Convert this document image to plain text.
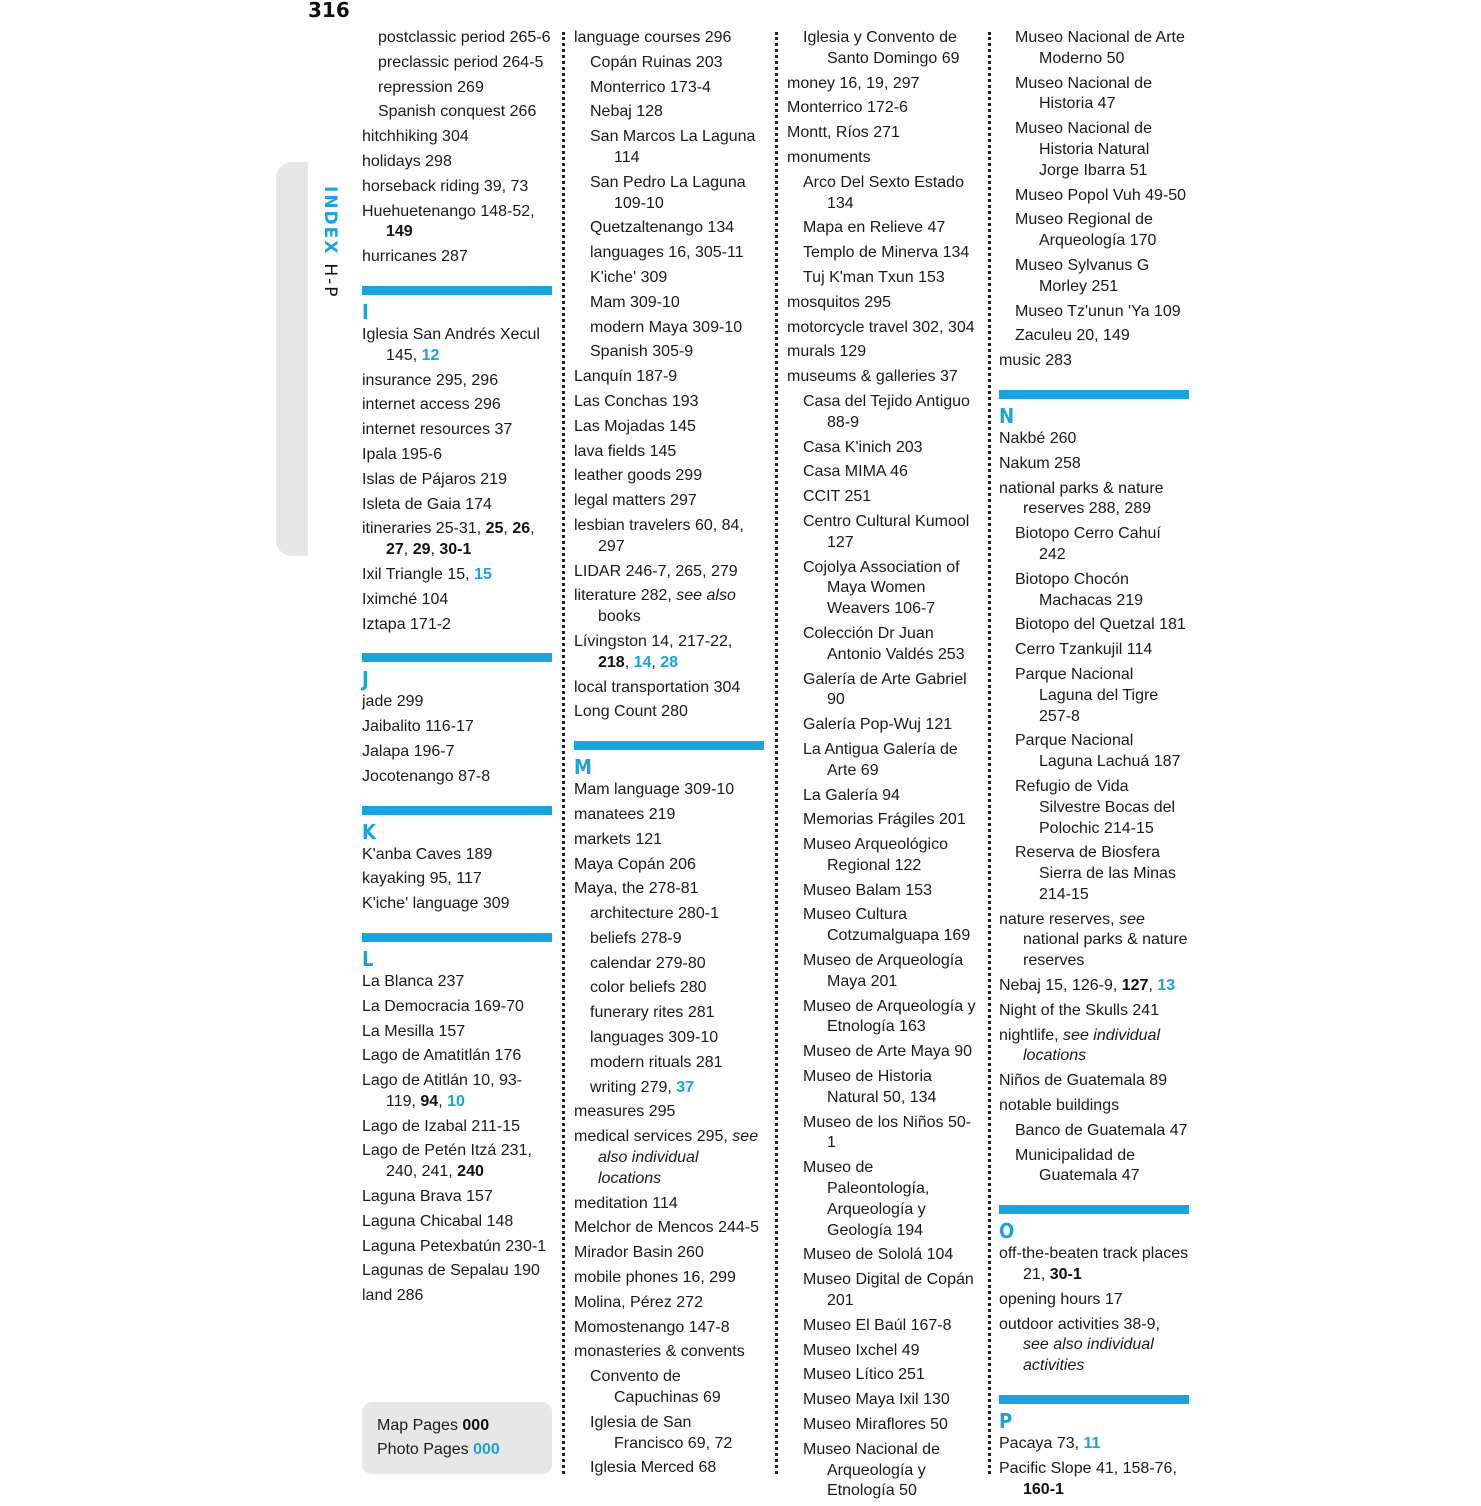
316
INDEX H-P
postclassic period 265-6
preclassic period 264-5
repression 269
Spanish conquest 266
hitchhiking 304
holidays 298
horseback riding 39, 73
Huehuetenango 148-52, 149
hurricanes 287
I
Iglesia San Andrés Xecul 145, 12
insurance 295, 296
internet access 296
internet resources 37
Ipala 195-6
Islas de Pájaros 219
Isleta de Gaia 174
itineraries 25-31, 25, 26, 27, 29, 30-1
Ixil Triangle 15, 15
Iximché 104
Iztapa 171-2
J
jade 299
Jaibalito 116-17
Jalapa 196-7
Jocotenango 87-8
K
K'anba Caves 189
kayaking 95, 117
K'iche' language 309
L
La Blanca 237
La Democracia 169-70
La Mesilla 157
Lago de Amatitlán 176
Lago de Atitlán 10, 93-119, 94, 10
Lago de Izabal 211-15
Lago de Petén Itzá 231, 240, 241, 240
Laguna Brava 157
Laguna Chicabal 148
Laguna Petexbatún 230-1
Lagunas de Sepalau 190
land 286
language courses 296
Copán Ruinas 203
Monterrico 173-4
Nebaj 128
San Marcos La Laguna 114
San Pedro La Laguna 109-10
Quetzaltenango 134
languages 16, 305-11
K'iche' 309
Mam 309-10
modern Maya 309-10
Spanish 305-9
Lanquín 187-9
Las Conchas 193
Las Mojadas 145
lava fields 145
leather goods 299
legal matters 297
lesbian travelers 60, 84, 297
LIDAR 246-7, 265, 279
literature 282, see also books
Lívingston 14, 217-22, 218, 14, 28
local transportation 304
Long Count 280
M
Mam language 309-10
manatees 219
markets 121
Maya Copán 206
Maya, the 278-81
architecture 280-1
beliefs 278-9
calendar 279-80
color beliefs 280
funerary rites 281
languages 309-10
modern rituals 281
writing 279, 37
measures 295
medical services 295, see also individual locations
meditation 114
Melchor de Mencos 244-5
Mirador Basin 260
mobile phones 16, 299
Molina, Pérez 272
Momostenango 147-8
monasteries & convents
Convento de Capuchinas 69
Iglesia de San Francisco 69, 72
Iglesia Merced 68
Iglesia y Convento de Santo Domingo 69
money 16, 19, 297
Monterrico 172-6
Montt, Ríos 271
monuments
Arco Del Sexto Estado 134
Mapa en Relieve 47
Templo de Minerva 134
Tuj K'man Txun 153
mosquitos 295
motorcycle travel 302, 304
murals 129
museums & galleries 37
Casa del Tejido Antiguo 88-9
Casa K'inich 203
Casa MIMA 46
CCIT 251
Centro Cultural Kumool 127
Cojolya Association of Maya Women Weavers 106-7
Colección Dr Juan Antonio Valdés 253
Galería de Arte Gabriel 90
Galería Pop-Wuj 121
La Antigua Galería de Arte 69
La Galería 94
Memorias Frágiles 201
Museo Arqueológico Regional 122
Museo Balam 153
Museo Cultura Cotzumalguapa 169
Museo de Arqueología Maya 201
Museo de Arqueología y Etnología 163
Museo de Arte Maya 90
Museo de Historia Natural 50, 134
Museo de los Niños 50-1
Museo de Paleontología, Arqueología y Geología 194
Museo de Sololá 104
Museo Digital de Copán 201
Museo El Baúl 167-8
Museo Ixchel 49
Museo Lítico 251
Museo Maya Ixil 130
Museo Miraflores 50
Museo Nacional de Arqueología y Etnología 50
Museo Nacional de Arte Moderno 50
Museo Nacional de Historia 47
Museo Nacional de Historia Natural Jorge Ibarra 51
Museo Popol Vuh 49-50
Museo Regional de Arqueología 170
Museo Sylvanus G Morley 251
Museo Tz'unun 'Ya 109
Zaculeu 20, 149
music 283
N
Nakbé 260
Nakum 258
national parks & nature reserves 288, 289
Biotopo Cerro Cahuí 242
Biotopo Chocón Machacas 219
Biotopo del Quetzal 181
Cerro Tzankujil 114
Parque Nacional Laguna del Tigre 257-8
Parque Nacional Laguna Lachuá 187
Refugio de Vida Silvestre Bocas del Polochic 214-15
Reserva de Biosfera Sierra de las Minas 214-15
nature reserves, see national parks & nature reserves
Nebaj 15, 126-9, 127, 13
Night of the Skulls 241
nightlife, see individual locations
Niños de Guatemala 89
notable buildings
Banco de Guatemala 47
Municipalidad de Guatemala 47
O
off-the-beaten track places 21, 30-1
opening hours 17
outdoor activities 38-9, see also individual activities
P
Pacaya 73, 11
Pacific Slope 41, 158-76, 160-1
Map Pages 000
Photo Pages 000
